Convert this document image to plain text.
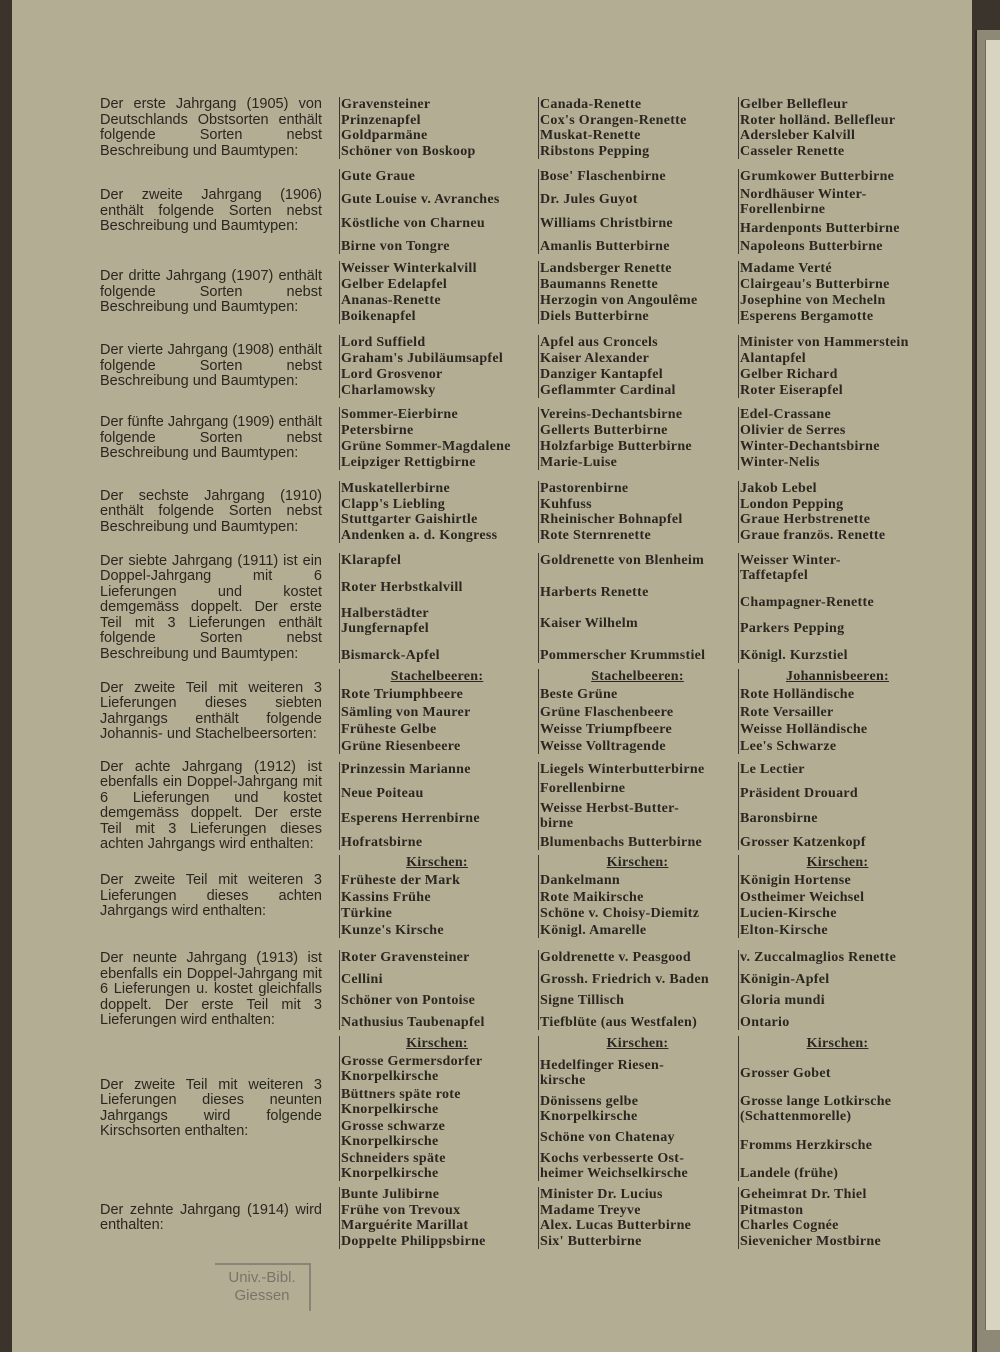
Der erste Jahrgang (1905) von Deutschlands Obstsorten enthält folgende Sorten nebst Beschreibung und Baumtypen:
Gravensteiner
Prinzenapfel
Goldparmäne
Schöner von Boskoop
Canada-Renette
Cox's Orangen-Renette
Muskat-Renette
Ribstons Pepping
Gelber Bellefleur
Roter holländ. Bellefleur
Adersleber Kalvill
Casseler Renette
Der zweite Jahrgang (1906) enthält folgende Sorten nebst Beschreibung und Baumtypen:
Gute Graue
Gute Louise v. Avranches
Köstliche von Charneu
Birne von Tongre
Bose' Flaschenbirne
Dr. Jules Guyot
Williams Christbirne
Amanlis Butterbirne
Grumkower Butterbirne
Nordhäuser Winter-
Forellenbirne
Hardenponts Butterbirne
Napoleons Butterbirne
Der dritte Jahrgang (1907) enthält folgende Sorten nebst Beschreibung und Baumtypen:
Weisser Winterkalvill
Gelber Edelapfel
Ananas-Renette
Boikenapfel
Landsberger Renette
Baumanns Renette
Herzogin von Angoulême
Diels Butterbirne
Madame Verté
Clairgeau's Butterbirne
Josephine von Mecheln
Esperens Bergamotte
Der vierte Jahrgang (1908) enthält folgende Sorten nebst Beschreibung und Baumtypen:
Lord Suffield
Graham's Jubiläumsapfel
Lord Grosvenor
Charlamowsky
Apfel aus Croncels
Kaiser Alexander
Danziger Kantapfel
Geflammter Cardinal
Minister von Hammerstein
Alantapfel
Gelber Richard
Roter Eiserapfel
Der fünfte Jahrgang (1909) enthält folgende Sorten nebst Beschreibung und Baumtypen:
Sommer-Eierbirne
Petersbirne
Grüne Sommer-Magdalene
Leipziger Rettigbirne
Vereins-Dechantsbirne
Gellerts Butterbirne
Holzfarbige Butterbirne
Marie-Luise
Edel-Crassane
Olivier de Serres
Winter-Dechantsbirne
Winter-Nelis
Der sechste Jahrgang (1910) enthält folgende Sorten nebst Beschreibung und Baumtypen:
Muskatellerbirne
Clapp's Liebling
Stuttgarter Gaishirtle
Andenken a. d. Kongress
Pastorenbirne
Kuhfuss
Rheinischer Bohnapfel
Rote Sternrenette
Jakob Lebel
London Pepping
Graue Herbstrenette
Graue französ. Renette
Der siebte Jahrgang (1911) ist ein Doppel-Jahrgang mit 6 Lieferungen und kostet demgemäss doppelt. Der erste Teil mit 3 Lieferungen enthält folgende Sorten nebst Beschreibung und Baumtypen:
Klarapfel
Roter Herbstkalvill
Halberstädter
Jungfernapfel
Bismarck-Apfel
Goldrenette von Blenheim
Harberts Renette
Kaiser Wilhelm
Pommerscher Krummstiel
Weisser Winter-
Taffetapfel
Champagner-Renette
Parkers Pepping
Königl. Kurzstiel
Der zweite Teil mit weiteren 3 Lieferungen dieses siebten Jahrgangs enthält folgende Johannis- und Stachelbeersorten:
Stachelbeeren:
Rote Triumphbeere
Sämling von Maurer
Früheste Gelbe
Grüne Riesenbeere
Stachelbeeren:
Beste Grüne
Grüne Flaschenbeere
Weisse Triumpfbeere
Weisse Volltragende
Johannisbeeren:
Rote Holländische
Rote Versailler
Weisse Holländische
Lee's Schwarze
Der achte Jahrgang (1912) ist ebenfalls ein Doppel-Jahrgang mit 6 Lieferungen und kostet demgemäss doppelt. Der erste Teil mit 3 Lieferungen dieses achten Jahrgangs wird enthalten:
Prinzessin Marianne
Neue Poiteau
Esperens Herrenbirne
Hofratsbirne
Liegels Winterbutterbirne
Forellenbirne
Weisse Herbst-Butter-
birne
Blumenbachs Butterbirne
Le Lectier
Präsident Drouard
Baronsbirne
Grosser Katzenkopf
Der zweite Teil mit weiteren 3 Lieferungen dieses achten Jahrgangs wird enthalten:
Kirschen:
Früheste der Mark
Kassins Frühe
Türkine
Kunze's Kirsche
Kirschen:
Dankelmann
Rote Maikirsche
Schöne v. Choisy-Diemitz
Königl. Amarelle
Kirschen:
Königin Hortense
Ostheimer Weichsel
Lucien-Kirsche
Elton-Kirsche
Der neunte Jahrgang (1913) ist ebenfalls ein Doppel-Jahrgang mit 6 Lieferungen u. kostet gleichfalls doppelt. Der erste Teil mit 3 Lieferungen wird enthalten:
Roter Gravensteiner
Cellini
Schöner von Pontoise
Nathusius Taubenapfel
Goldrenette v. Peasgood
Grossh. Friedrich v. Baden
Signe Tillisch
Tiefblüte (aus Westfalen)
v. Zuccalmaglios Renette
Königin-Apfel
Gloria mundi
Ontario
Der zweite Teil mit weiteren 3 Lieferungen dieses neunten Jahrgangs wird folgende Kirschsorten enthalten:
Kirschen:
Grosse Germersdorfer
Knorpelkirsche
Büttners späte rote
Knorpelkirsche
Grosse schwarze
Knorpelkirsche
Schneiders späte
Knorpelkirsche
Kirschen:
Hedelfinger Riesen-
kirsche
Dönissens gelbe
Knorpelkirsche
Schöne von Chatenay
Kochs verbesserte Ost-
heimer Weichselkirsche
Kirschen:
Grosser Gobet
Grosse lange Lotkirsche
(Schattenmorelle)
Fromms Herzkirsche
Landele (frühe)
Der zehnte Jahrgang (1914) wird enthalten:
Bunte Julibirne
Frühe von Trevoux
Marguérite Marillat
Doppelte Philippsbirne
Minister Dr. Lucius
Madame Treyve
Alex. Lucas Butterbirne
Six' Butterbirne
Geheimrat Dr. Thiel
Pitmaston
Charles Cognée
Sievenicher Mostbirne
Univ.-Bibl.
Giessen
